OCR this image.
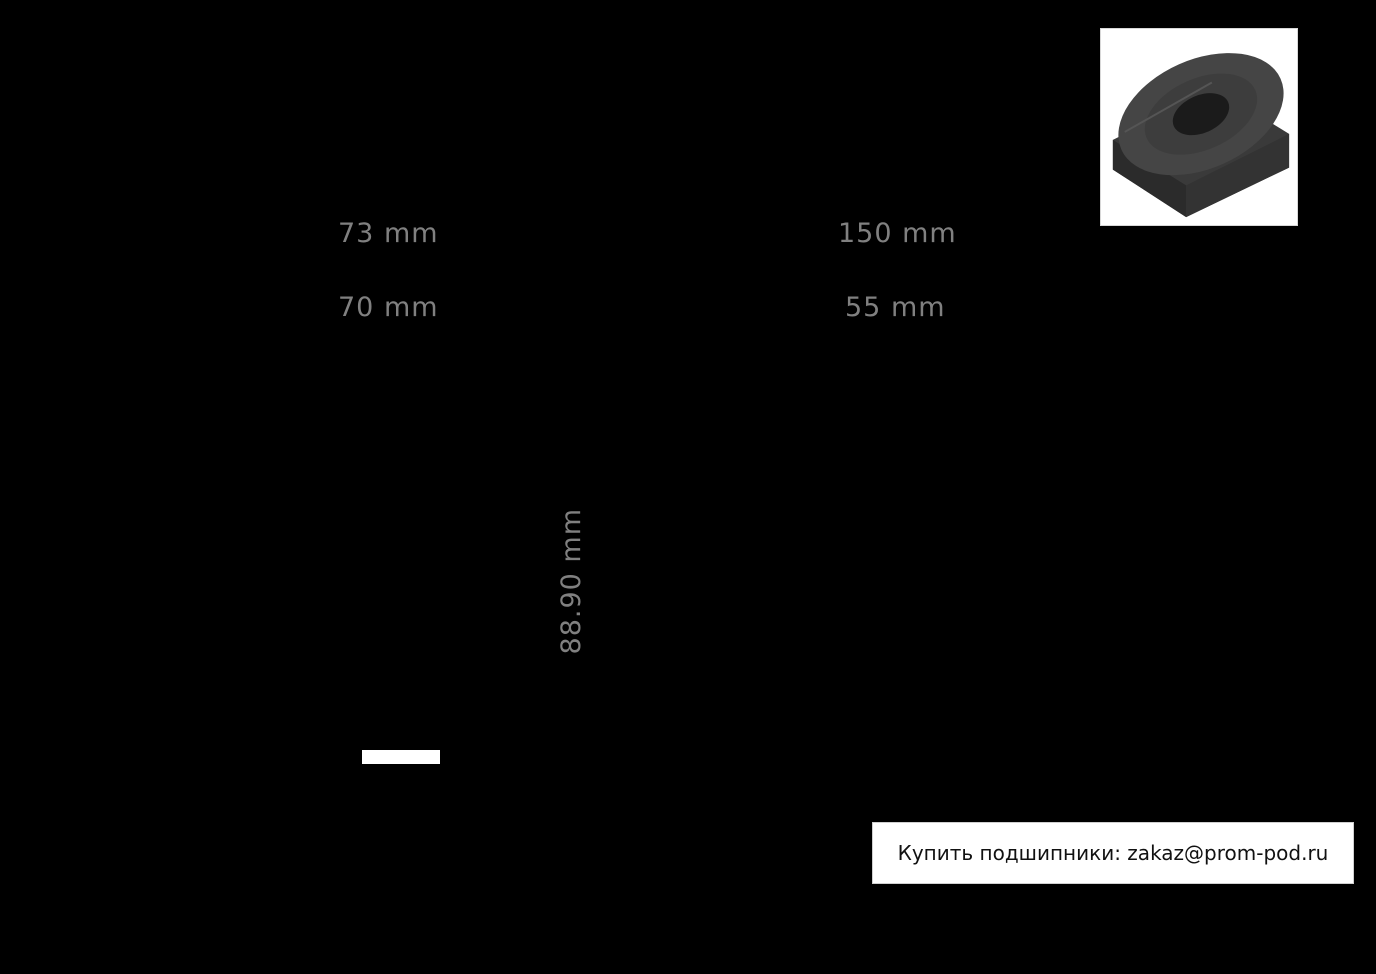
73 mm	150 mm
70 mm	55 mm
88.90 mm
Купить подшипники: zakaz@prom-pod.ru
